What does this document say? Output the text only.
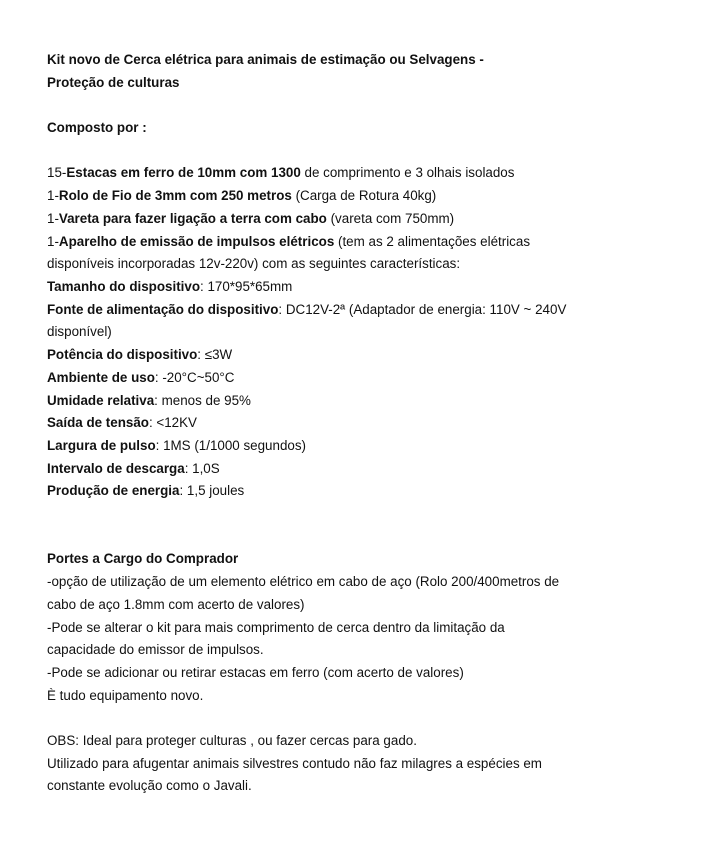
Kit novo de Cerca elétrica para animais de estimação ou Selvagens -
Proteção de culturas
Composto por :
15-Estacas em ferro de 10mm com 1300 de comprimento e 3 olhais isolados
1-Rolo de Fio de 3mm com 250 metros (Carga de Rotura 40kg)
1-Vareta para fazer ligação a terra com cabo (vareta com 750mm)
1-Aparelho de emissão de impulsos elétricos (tem as 2 alimentações elétricas
disponíveis incorporadas 12v-220v) com as seguintes características:
Tamanho do dispositivo: 170*95*65mm
Fonte de alimentação do dispositivo: DC12V-2ª (Adaptador de energia: 110V ~ 240V
disponível)
Potência do dispositivo: ≤3W
Ambiente de uso: -20°C~50°C
Umidade relativa: menos de 95%
Saída de tensão: <12KV
Largura de pulso: 1MS (1/1000 segundos)
Intervalo de descarga: 1,0S
Produção de energia: 1,5 joules
Portes a Cargo do Comprador
-opção de utilização de um elemento elétrico em cabo de aço (Rolo 200/400metros de
cabo de aço 1.8mm com acerto de valores)
-Pode se alterar o kit para mais comprimento de cerca dentro da limitação da
capacidade do emissor de impulsos.
-Pode se adicionar ou retirar estacas em ferro (com acerto de valores)
È tudo equipamento novo.
OBS: Ideal para proteger culturas , ou fazer cercas para gado.
Utilizado para afugentar animais silvestres contudo não faz milagres a espécies em
constante evolução como o Javali.
